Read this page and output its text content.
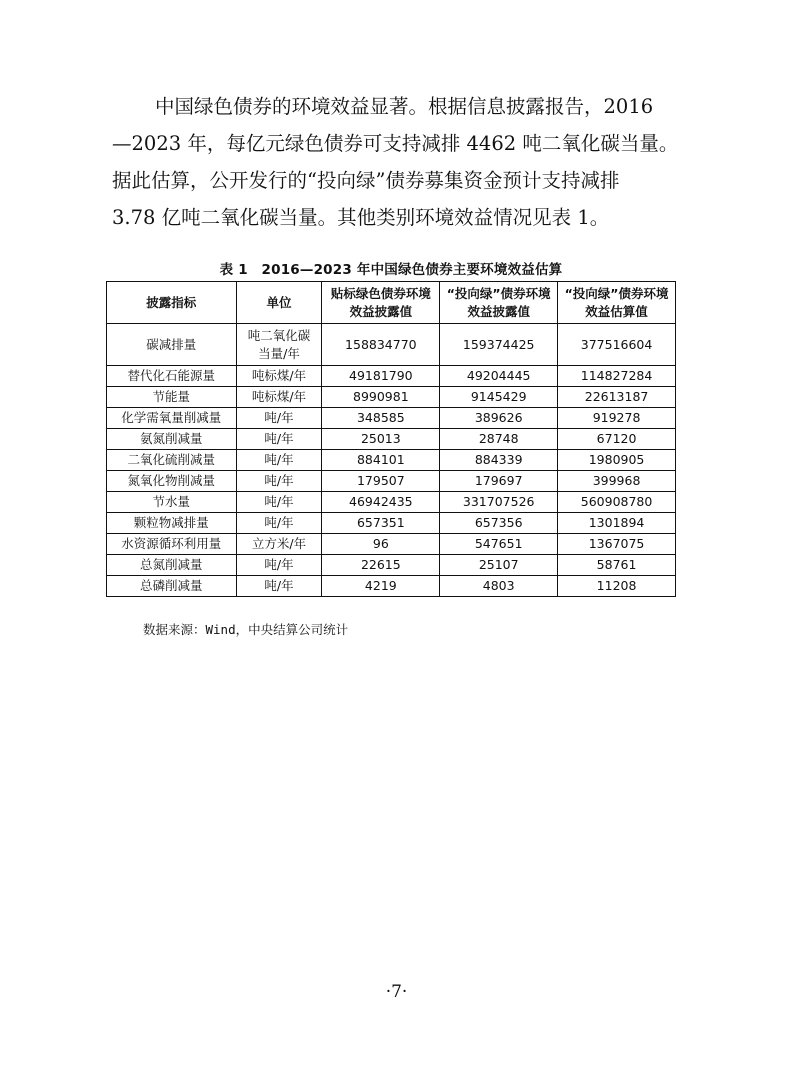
中国绿色债券的环境效益显著。根据信息披露报告，2016
—2023 年，每亿元绿色债券可支持减排 4462 吨二氧化碳当量。
据此估算，公开发行的“投向绿”债券募集资金预计支持减排
3.78 亿吨二氧化碳当量。其他类别环境效益情况见表 1。

表 1　2016—2023 年中国绿色债券主要环境效益估算
披露指标	单位	贴标绿色债券环境效益披露值	“投向绿”债券环境效益披露值	“投向绿”债券环境效益估算值
碳减排量	吨二氧化碳当量/年	158834770	159374425	377516604
替代化石能源量	吨标煤/年	49181790	49204445	114827284
节能量	吨标煤/年	8990981	9145429	22613187
化学需氧量削减量	吨/年	348585	389626	919278
氨氮削减量	吨/年	25013	28748	67120
二氧化硫削减量	吨/年	884101	884339	1980905
氮氧化物削减量	吨/年	179507	179697	399968
节水量	吨/年	46942435	331707526	560908780
颗粒物减排量	吨/年	657351	657356	1301894
水资源循环利用量	立方米/年	96	547651	1367075
总氮削减量	吨/年	22615	25107	58761
总磷削减量	吨/年	4219	4803	11208
数据来源：Wind，中央结算公司统计
·7·
